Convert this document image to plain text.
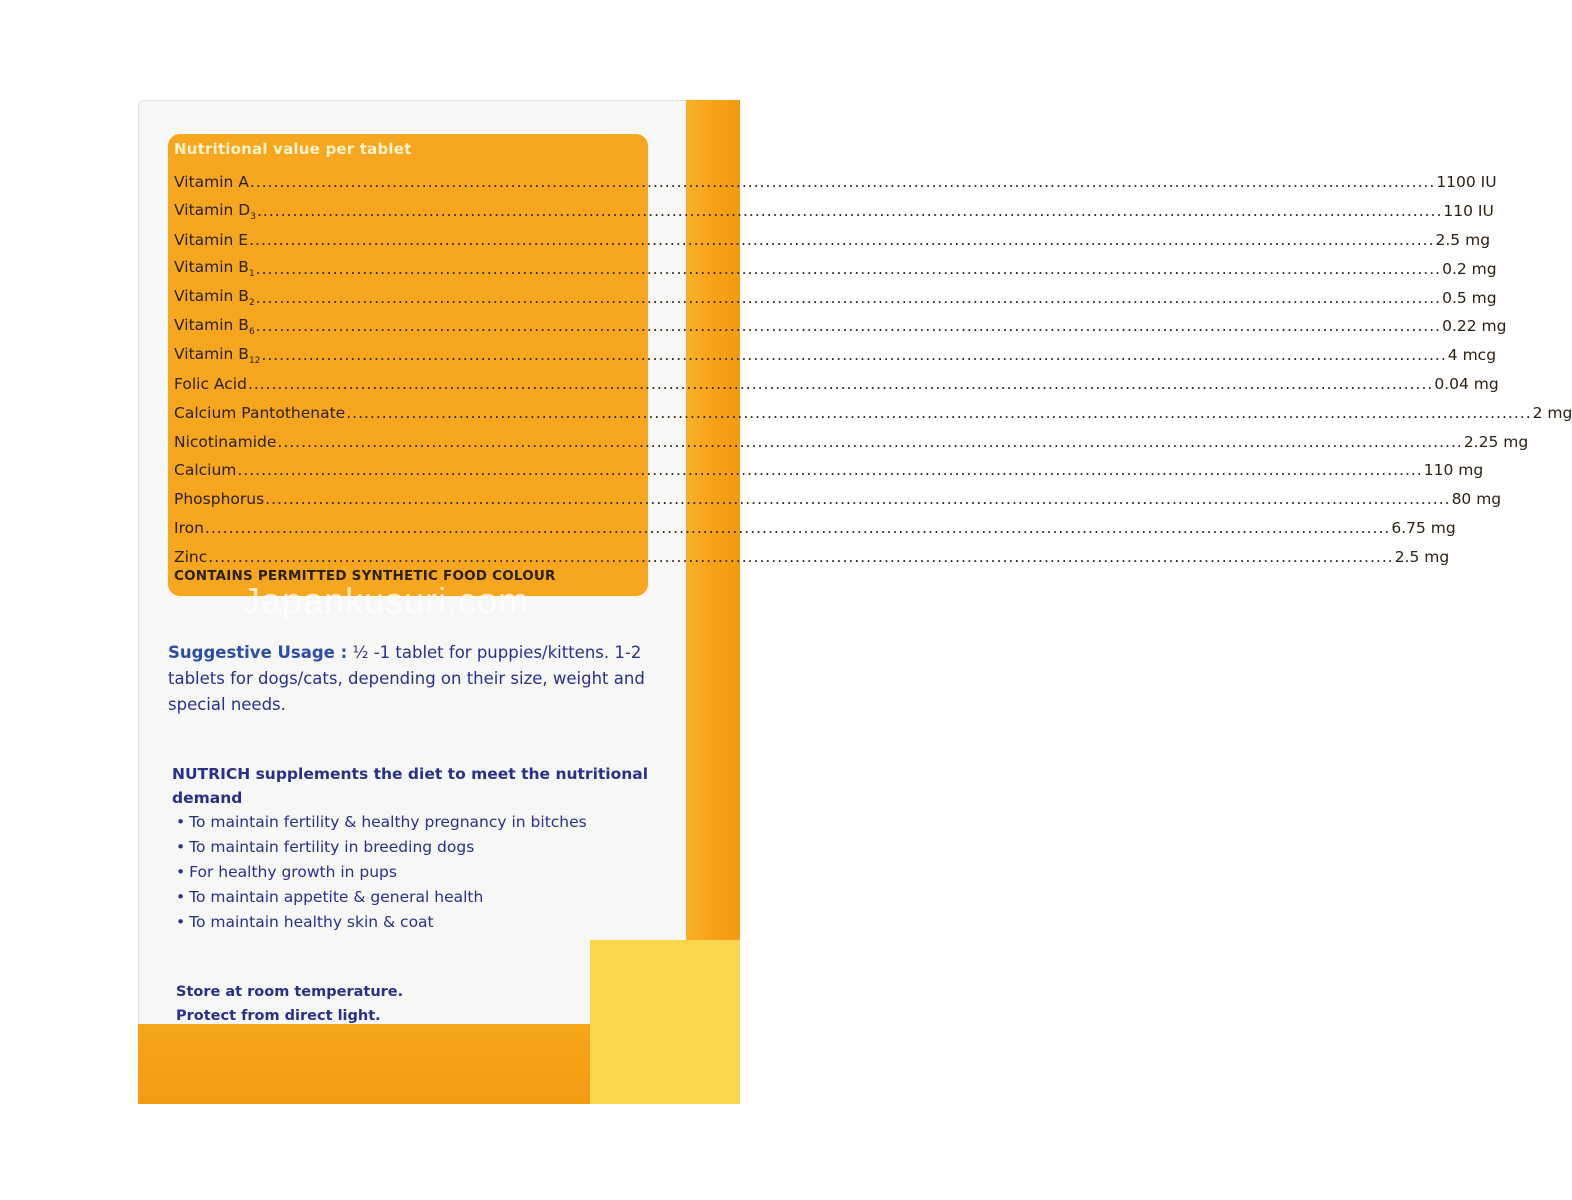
Nutritional value per tablet
Vitamin A ........................................................................................................................................................................................................ 1100 IU
Vitamin $D_3$ ........................................................................................................................................................................................................ 110 IU
Vitamin E ........................................................................................................................................................................................................ 2.5 mg
Vitamin $B_1$ ........................................................................................................................................................................................................ 0.2 mg
Vitamin $B_2$ ........................................................................................................................................................................................................ 0.5 mg
Vitamin $B_6$ ........................................................................................................................................................................................................ 0.22 mg
Vitamin $B_{12}$ ........................................................................................................................................................................................................ 4 mcg
Folic Acid ........................................................................................................................................................................................................ 0.04 mg
Calcium Pantothenate ........................................................................................................................................................................................................ 2 mg
Nicotinamide ........................................................................................................................................................................................................ 2.25 mg
Calcium ........................................................................................................................................................................................................ 110 mg
Phosphorus ........................................................................................................................................................................................................ 80 mg
Iron ........................................................................................................................................................................................................ 6.75 mg
Zinc ........................................................................................................................................................................................................ 2.5 mg
CONTAINS PERMITTED SYNTHETIC FOOD COLOUR
Japankusuri.com
Suggestive Usage : ½ -1 tablet for puppies/kittens. 1-2 tablets for dogs/cats, depending on their size, weight and special needs.
NUTRICH supplements the diet to meet the nutritional demand
• To maintain fertility & healthy pregnancy in bitches
• To maintain fertility in breeding dogs
• For healthy growth in pups
• To maintain appetite & general health
• To maintain healthy skin & coat
Store at room temperature.
Protect from direct light.
